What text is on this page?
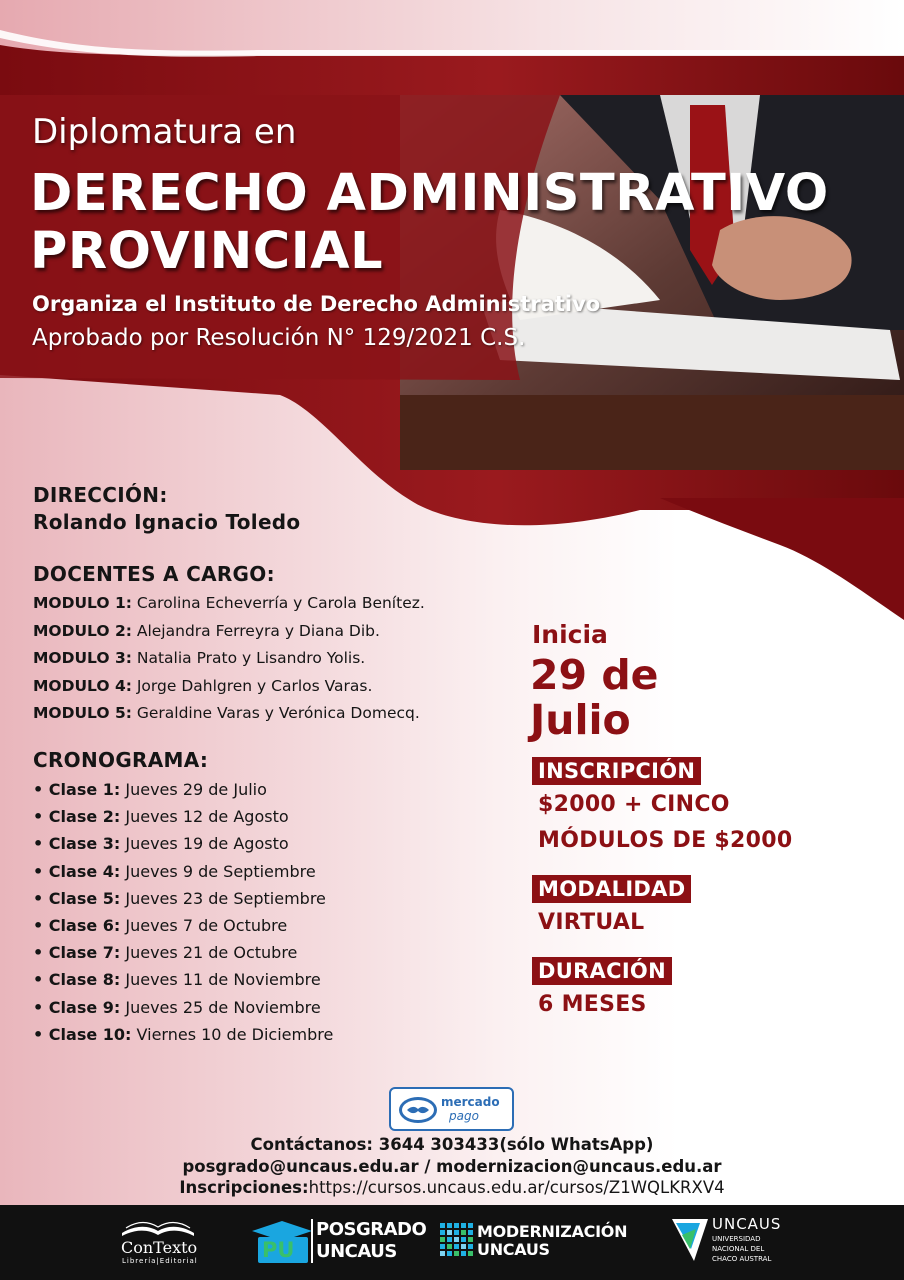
Diplomatura en
DERECHO ADMINISTRATIVO
PROVINCIAL
Organiza el Instituto de Derecho Administrativo
Aprobado por Resolución N° 129/2021 C.S.
DIRECCIÓN:
Rolando Ignacio Toledo
DOCENTES A CARGO:
MODULO 1: Carolina Echeverría y Carola Benítez.
MODULO 2: Alejandra Ferreyra y Diana Dib.
MODULO 3: Natalia Prato y Lisandro Yolis.
MODULO 4: Jorge Dahlgren y Carlos Varas.
MODULO 5: Geraldine Varas y Verónica Domecq.
CRONOGRAMA:
• Clase 1: Jueves 29 de Julio
• Clase 2: Jueves 12 de Agosto
• Clase 3: Jueves 19 de Agosto
• Clase 4: Jueves 9 de Septiembre
• Clase 5: Jueves 23 de Septiembre
• Clase 6: Jueves 7 de Octubre
• Clase 7: Jueves 21 de Octubre
• Clase 8: Jueves 11 de Noviembre
• Clase 9: Jueves 25 de Noviembre
• Clase 10: Viernes 10 de Diciembre
Inicia
29 de
Julio
INSCRIPCIÓN
$2000 + CINCO
MÓDULOS DE $2000
MODALIDAD
VIRTUAL
DURACIÓN
6 MESES
mercado
pago
Contáctanos: 3644 303433(sólo WhatsApp)
posgrado@uncaus.edu.ar / modernizacion@uncaus.edu.ar
Inscripciones:https://cursos.uncaus.edu.ar/cursos/Z1WQLKRXV4
ConTexto
Librería|Editorial	PU
POSGRADO
UNCAUS
MODERNIZACIÓN
UNCAUS
UNCAUS
UNIVERSIDAD
NACIONAL DEL
CHACO AUSTRAL
